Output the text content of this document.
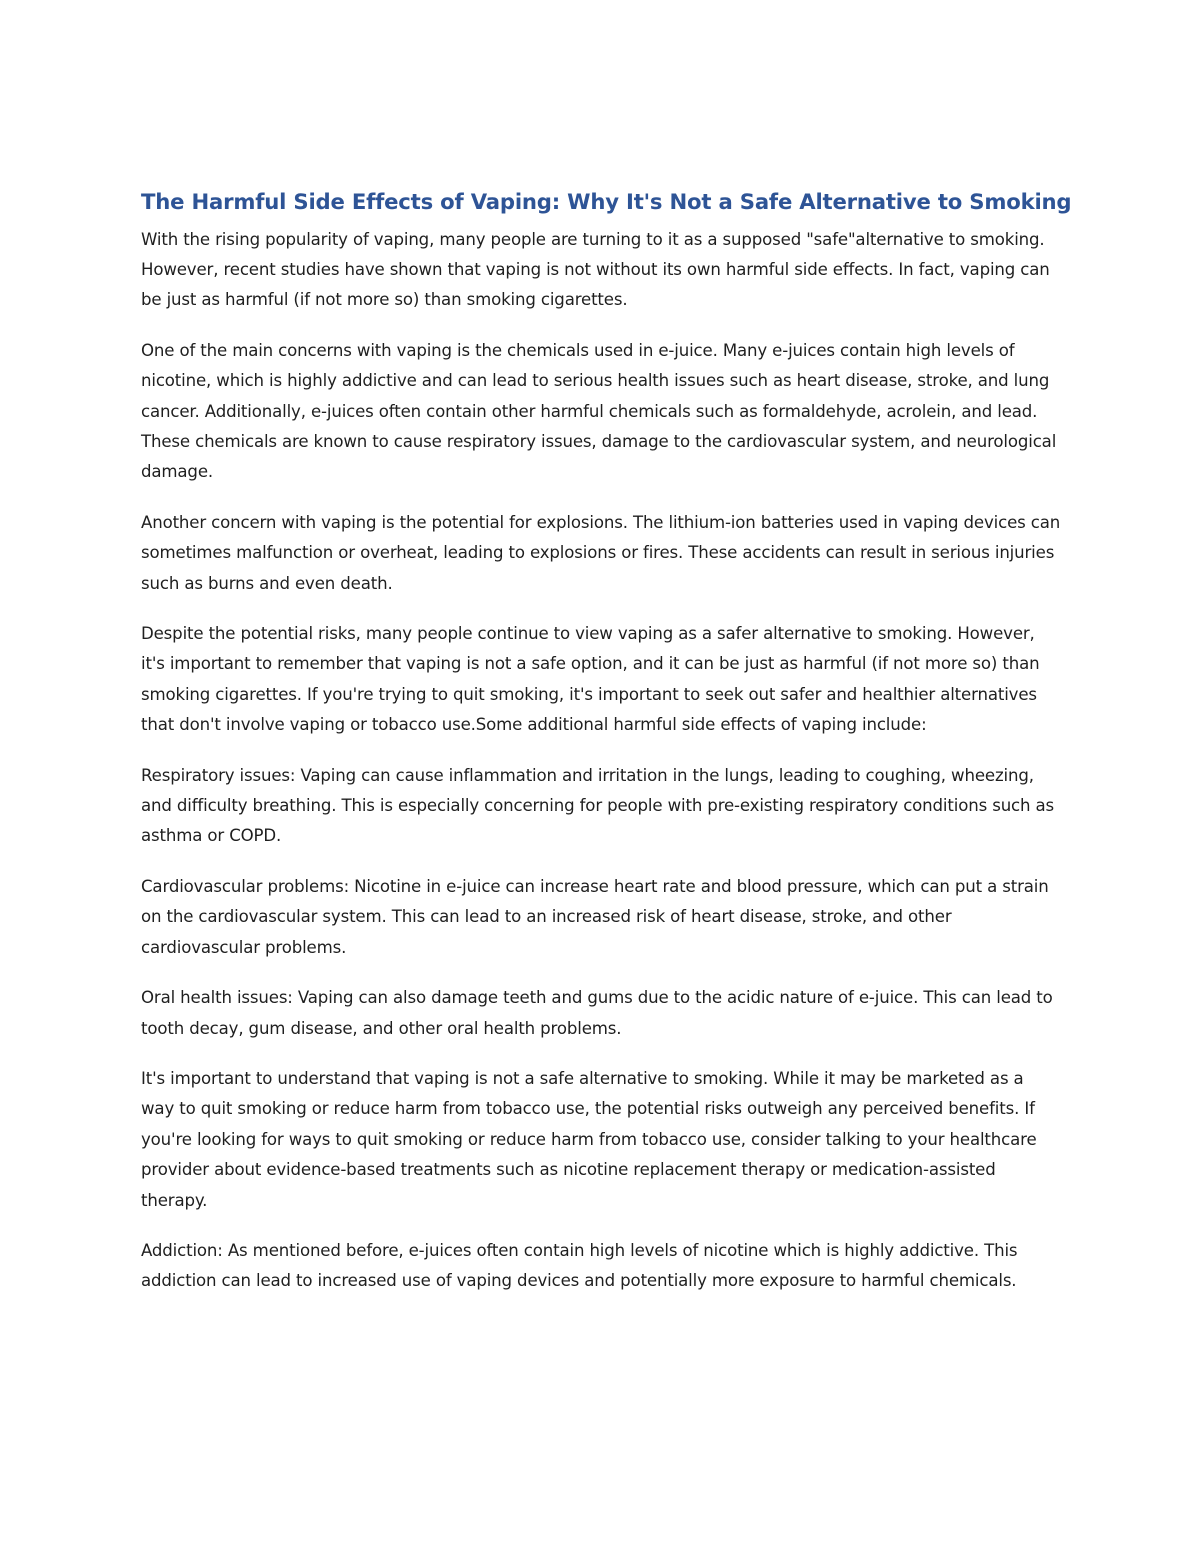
The Harmful Side Effects of Vaping: Why It's Not a Safe Alternative to Smoking

With the rising popularity of vaping, many people are turning to it as a supposed "safe"alternative to smoking. However, recent studies have shown that vaping is not without its own harmful side effects. In fact, vaping can be just as harmful (if not more so) than smoking cigarettes.

One of the main concerns with vaping is the chemicals used in e-juice. Many e-juices contain high levels of nicotine, which is highly addictive and can lead to serious health issues such as heart disease, stroke, and lung cancer. Additionally, e-juices often contain other harmful chemicals such as formaldehyde, acrolein, and lead. These chemicals are known to cause respiratory issues, damage to the cardiovascular system, and neurological damage.

Another concern with vaping is the potential for explosions. The lithium-ion batteries used in vaping devices can sometimes malfunction or overheat, leading to explosions or fires. These accidents can result in serious injuries such as burns and even death.

Despite the potential risks, many people continue to view vaping as a safer alternative to smoking. However, it's important to remember that vaping is not a safe option, and it can be just as harmful (if not more so) than smoking cigarettes. If you're trying to quit smoking, it's important to seek out safer and healthier alternatives that don't involve vaping or tobacco use.Some additional harmful side effects of vaping include:

Respiratory issues: Vaping can cause inflammation and irritation in the lungs, leading to coughing, wheezing, and difficulty breathing. This is especially concerning for people with pre-existing respiratory conditions such as asthma or COPD.

Cardiovascular problems: Nicotine in e-juice can increase heart rate and blood pressure, which can put a strain on the cardiovascular system. This can lead to an increased risk of heart disease, stroke, and other cardiovascular problems.

Oral health issues: Vaping can also damage teeth and gums due to the acidic nature of e-juice. This can lead to tooth decay, gum disease, and other oral health problems.

It's important to understand that vaping is not a safe alternative to smoking. While it may be marketed as a way to quit smoking or reduce harm from tobacco use, the potential risks outweigh any perceived benefits. If you're looking for ways to quit smoking or reduce harm from tobacco use, consider talking to your healthcare provider about evidence-based treatments such as nicotine replacement therapy or medication-assisted therapy.

Addiction: As mentioned before, e-juices often contain high levels of nicotine which is highly addictive. This addiction can lead to increased use of vaping devices and potentially more exposure to harmful chemicals.
